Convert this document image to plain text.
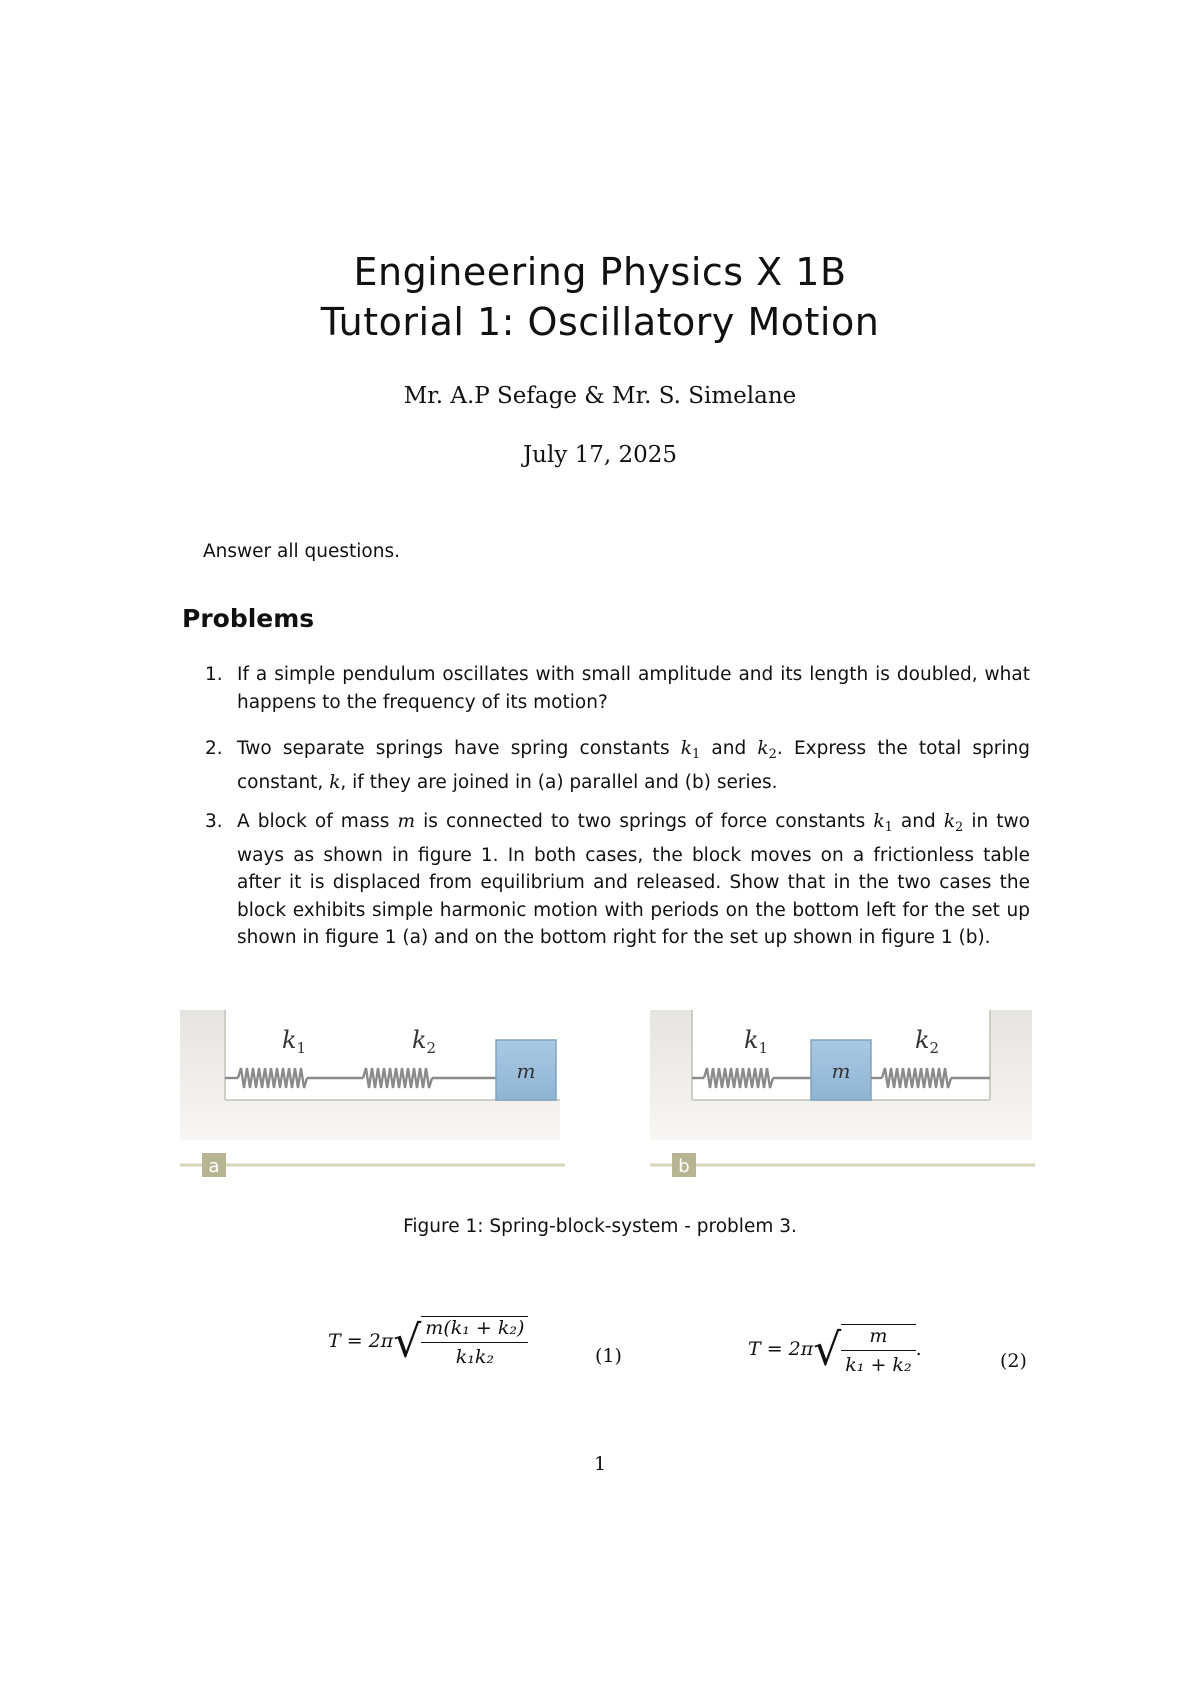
Engineering Physics X 1B
Tutorial 1: Oscillatory Motion
Mr. A.P Sefage & Mr. S. Simelane
July 17, 2025
Answer all questions.
Problems
1. If a simple pendulum oscillates with small amplitude and its length is doubled, what happens to the frequency of its motion?
2. Two separate springs have spring constants $k_1$ and $k_2$. Express the total spring constant, k, if they are joined in (a) parallel and (b) series.
3. A block of mass m is connected to two springs of force constants $k_1$ and $k_2$ in two ways as shown in figure 1. In both cases, the block moves on a frictionless table after it is displaced from equilibrium and released. Show that in the two cases the block exhibits simple harmonic motion with periods on the bottom left for the set up shown in figure 1 (a) and on the bottom right for the set up shown in figure 1 (b).
m
$k_1$	$k_2$
a
m
$k_1$	$k_2$
b
Figure 1: Spring-block-system - problem 3.
$T = 2\pi√ \frac{\text{m(k₁ + k₂)}}{\text{k₁k₂}}$	(1)	$T = 2\pi√ \frac{m}{\text{k₁ + k₂}}$ .
(2)
1
